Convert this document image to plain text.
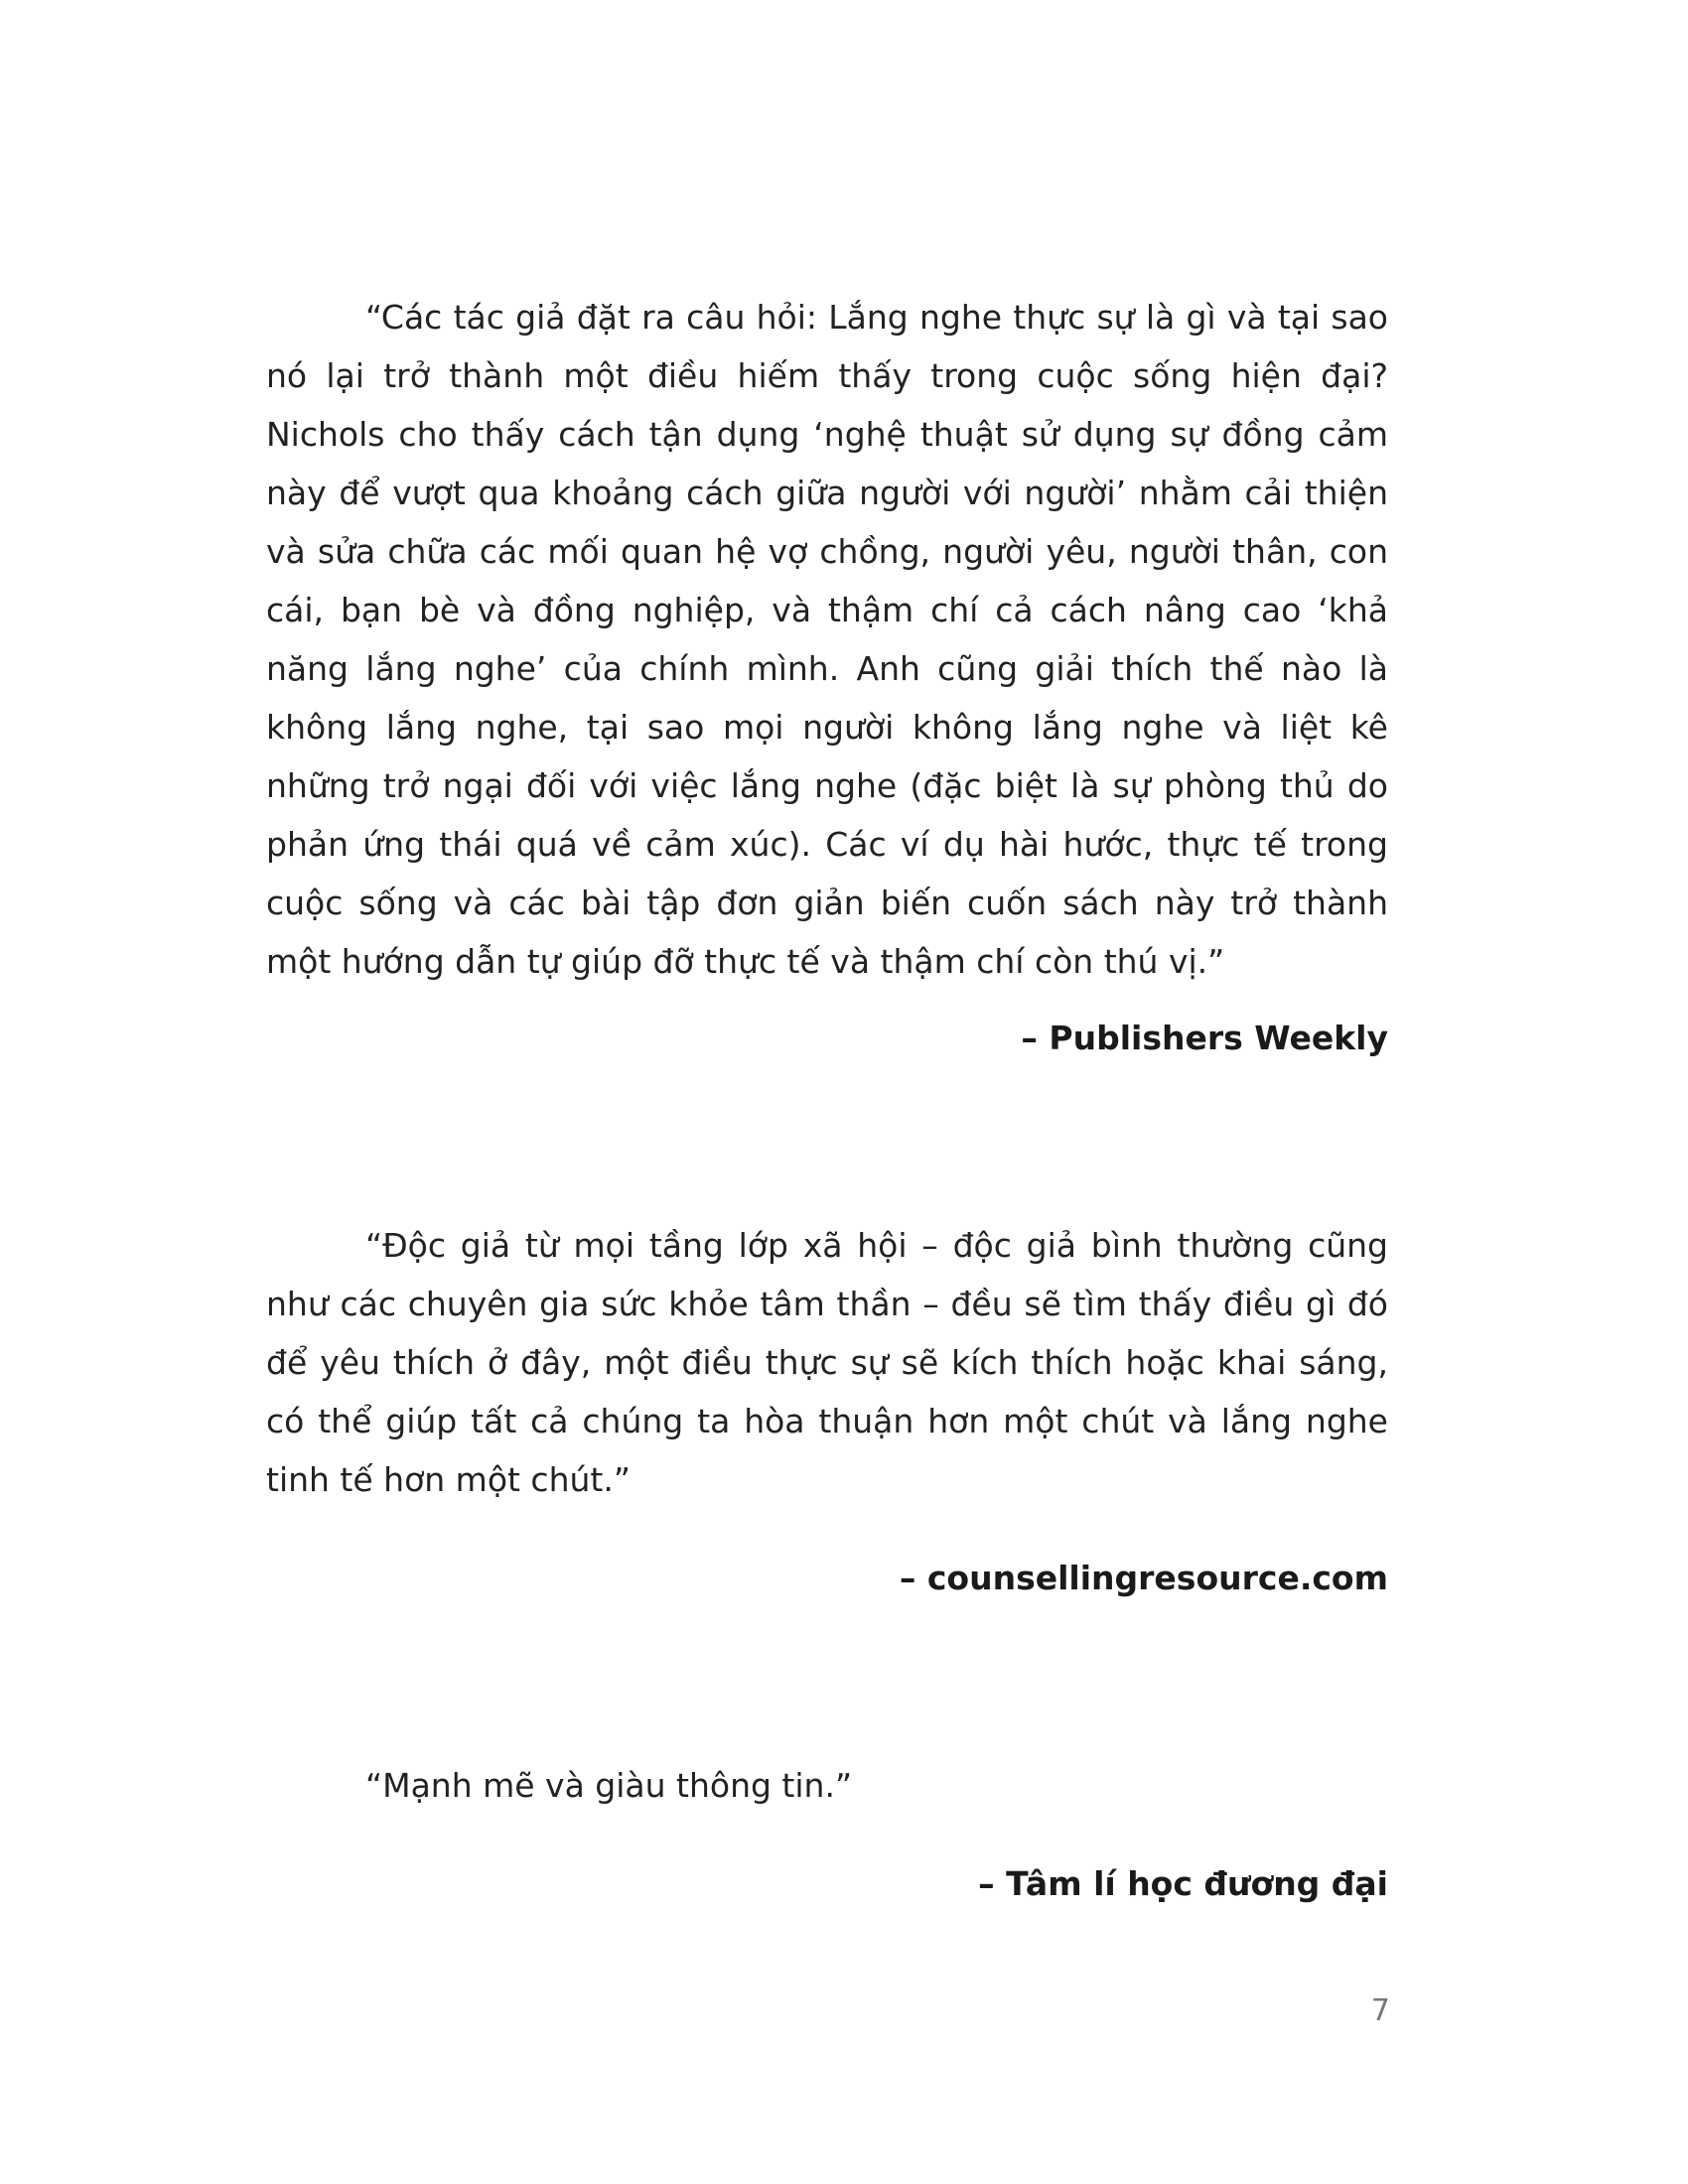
“Các tác giả đặt ra câu hỏi: Lắng nghe thực sự là gì và tại sao nó lại trở thành một điều hiếm thấy trong cuộc sống hiện đại? Nichols cho thấy cách tận dụng ‘nghệ thuật sử dụng sự đồng cảm này để vượt qua khoảng cách giữa người với người’ nhằm cải thiện và sửa chữa các mối quan hệ vợ chồng, người yêu, người thân, con cái, bạn bè và đồng nghiệp, và thậm chí cả cách nâng cao ‘khả năng lắng nghe’ của chính mình. Anh cũng giải thích thế nào là không lắng nghe, tại sao mọi người không lắng nghe và liệt kê những trở ngại đối với việc lắng nghe (đặc biệt là sự phòng thủ do phản ứng thái quá về cảm xúc). Các ví dụ hài hước, thực tế trong cuộc sống và các bài tập đơn giản biến cuốn sách này trở thành một hướng dẫn tự giúp đỡ thực tế và thậm chí còn thú vị.”

– Publishers Weekly

“Độc giả từ mọi tầng lớp xã hội – độc giả bình thường cũng như các chuyên gia sức khỏe tâm thần – đều sẽ tìm thấy điều gì đó để yêu thích ở đây, một điều thực sự sẽ kích thích hoặc khai sáng, có thể giúp tất cả chúng ta hòa thuận hơn một chút và lắng nghe tinh tế hơn một chút.”

– counsellingresource.com

“Mạnh mẽ và giàu thông tin.”

– Tâm lí học đương đại

7
